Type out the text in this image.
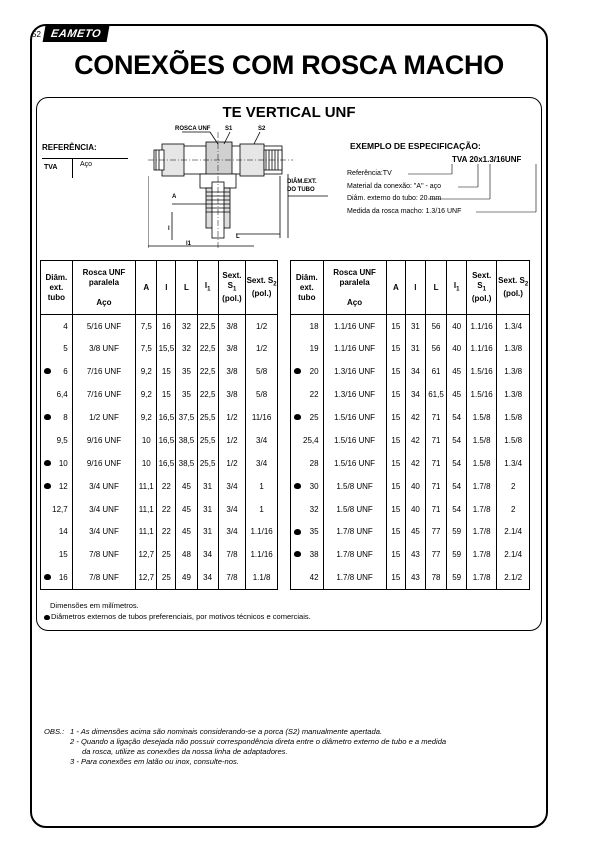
52 EAMETO
CONEXÕES COM ROSCA MACHO
TE VERTICAL UNF
REFERÊNCIA:
TVA	Aço
ROSCA UNF S1	S2
DIÂM.EXT.
DO TUBO
A
l
l1
L
EXEMPLO DE ESPECIFICAÇÃO:
TVA 20x1.3/16UNF
Referência:TV
Material da conexão: "A" - aço
Diâm. externo do tubo: 20 mm
Medida da rosca macho: 1.3/16 UNF
Diâm. ext. tubo	Rosca UNF paralela

Aço	A	l	L	$l_1$	Sext. $S_1$
(pol.)	Sext. $S_2$
(pol.)
4	5/16 UNF	7,5	16	32	22,5	3/8	1/2
5	3/8 UNF	7,5	15,5	32	22,5	3/8	1/2

6	7/16 UNF	9,2	15	35	22,5	3/8	5/8
6,4	7/16 UNF	9,2	15	35	22,5	3/8	5/8

8	1/2 UNF	9,2	16,5	37,5	25,5	1/2	11/16
9,5	9/16 UNF	10	16,5	38,5	25,5	1/2	3/4

10	9/16 UNF	10	16,5	38,5	25,5	1/2	3/4

12	3/4 UNF	11,1	22	45	31	3/4	1
12,7	3/4 UNF	11,1	22	45	31	3/4	1
14	3/4 UNF	11,1	22	45	31	3/4	1.1/16
15	7/8 UNF	12,7	25	48	34	7/8	1.1/16

16	7/8 UNF	12,7	25	49	34	7/8	1.1/8
Diâm. ext. tubo	Rosca UNF paralela

Aço	A	l	L	$l_1$	Sext. $S_1$
(pol.)	Sext. $S_2$
(pol.)
18	1.1/16 UNF	15	31	56	40	1.1/16	1.3/4
19	1.1/16 UNF	15	31	56	40	1.1/16	1.3/8

20	1.3/16 UNF	15	34	61	45	1.5/16	1.3/8
22	1.3/16 UNF	15	34	61,5	45	1.5/16	1.3/8

25	1.5/16 UNF	15	42	71	54	1.5/8	1.5/8
25,4	1.5/16 UNF	15	42	71	54	1.5/8	1.5/8
28	1.5/16 UNF	15	42	71	54	1.5/8	1.3/4

30	1.5/8 UNF	15	40	71	54	1.7/8	2
32	1.5/8 UNF	15	40	71	54	1.7/8	2

35	1.7/8 UNF	15	45	77	59	1.7/8	2.1/4

38	1.7/8 UNF	15	43	77	59	1.7/8	2.1/4
42	1.7/8 UNF	15	43	78	59	1.7/8	2.1/2
Dimensões em milímetros.
Diâmetros externos de tubos preferenciais, por motivos técnicos e comerciais.
OBS.: 1 - As dimensões acima são nominais considerando-se a porca (S2) manualmente apertada.
2 - Quando a ligação desejada não possuir correspondência direta entre o diâmetro externo de tubo e a medida
da rosca, utilize as conexões da nossa linha de adaptadores.
3 - Para conexões em latão ou inox, consulte-nos.
